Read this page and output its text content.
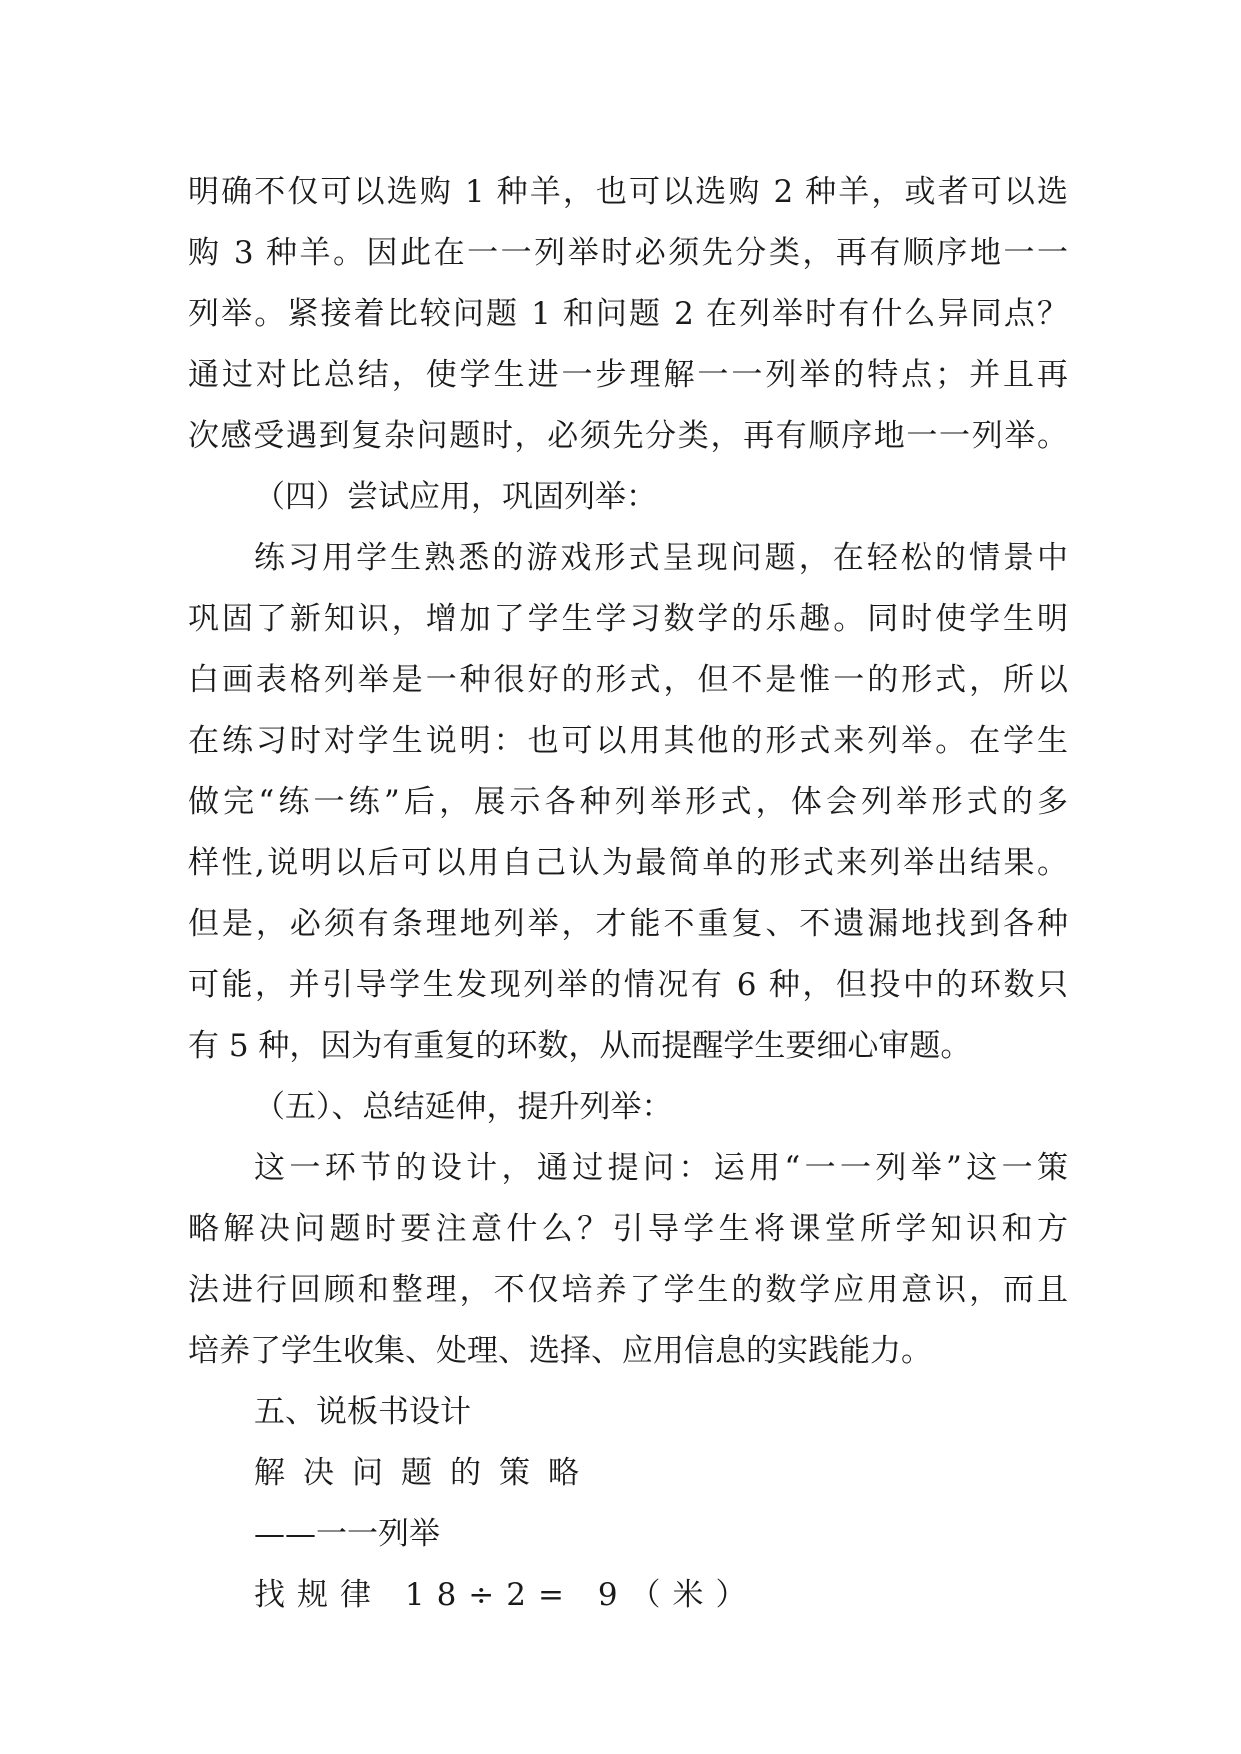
明确不仅可以选购 1 种羊，也可以选购 2 种羊，或者可以选
购 3 种羊。因此在一一列举时必须先分类，再有顺序地一一
列举。紧接着比较问题 1 和问题 2 在列举时有什么异同点？
通过对比总结，使学生进一步理解一一列举的特点；并且再
次感受遇到复杂问题时，必须先分类，再有顺序地一一列举。
（四）尝试应用，巩固列举：
练习用学生熟悉的游戏形式呈现问题，在轻松的情景中
巩固了新知识，增加了学生学习数学的乐趣。同时使学生明
白画表格列举是一种很好的形式，但不是惟一的形式，所以
在练习时对学生说明：也可以用其他的形式来列举。在学生
做完“练一练”后，展示各种列举形式，体会列举形式的多
样性,说明以后可以用自己认为最简单的形式来列举出结果。
但是，必须有条理地列举，才能不重复、不遗漏地找到各种
可能，并引导学生发现列举的情况有 6 种，但投中的环数只
有 5 种，因为有重复的环数，从而提醒学生要细心审题。
（五）、总结延伸，提升列举：
这一环节的设计，通过提问：运用“一一列举”这一策
略解决问题时要注意什么？引导学生将课堂所学知识和方
法进行回顾和整理，不仅培养了学生的数学应用意识，而且
培养了学生收集、处理、选择、应用信息的实践能力。
五、说板书设计
解决问题的策略
——一一列举
找规律 18÷2= 9（米）
